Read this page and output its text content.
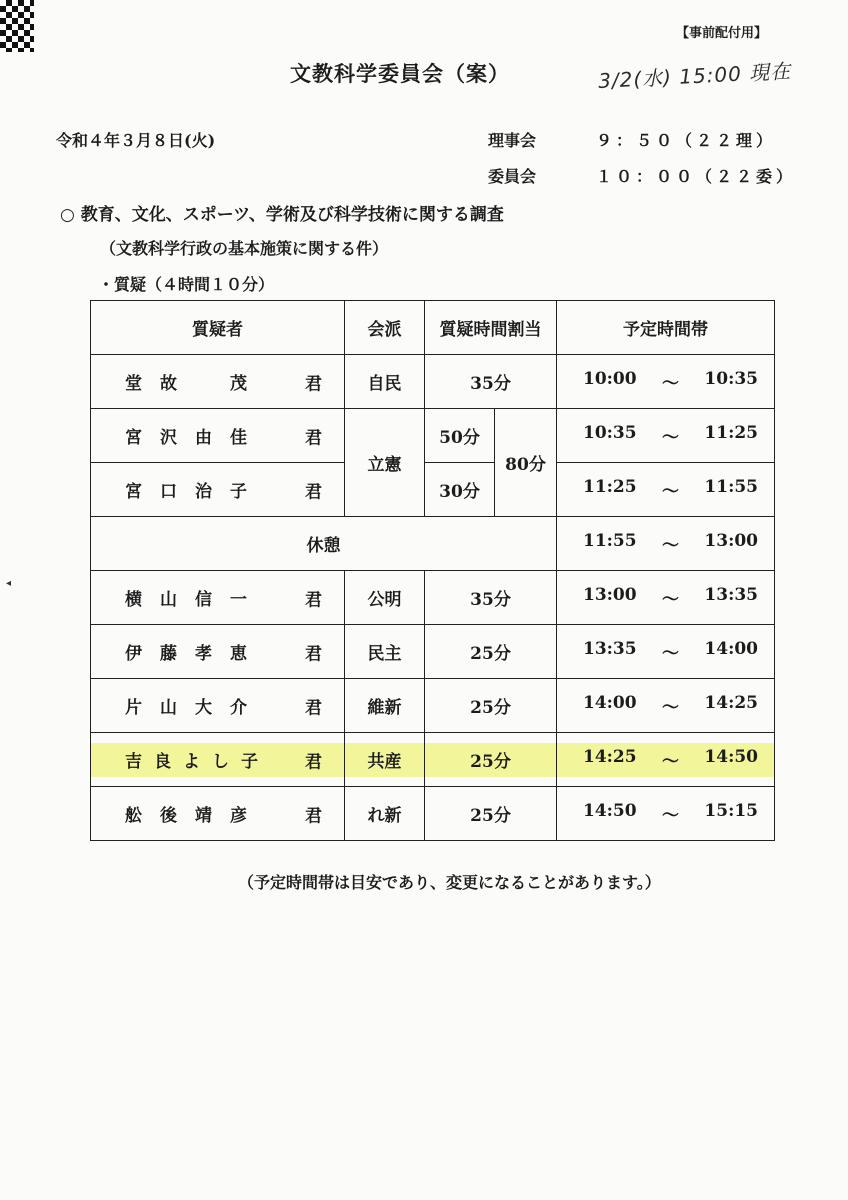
【事前配付用】
文教科学委員会（案）	3/2(水) 15:00 現在
令和４年３月８日(火)	理事会	９：５０（２２理）
委員会	１０：００（２２委）
○ 教育、文化、スポーツ、学術及び科学技術に関する調査
（文教科学行政の基本施策に関する件）
・質疑（４時間１０分）
◂
質疑者	会派	質疑時間割当		予定時間帯

堂故　茂 君	自民	35分		10:00 ～ 10:35

宮沢由佳 君	立憲	50分	80分	10:35 ～ 11:25

宮口治子 君		30分		11:25 ～ 11:55

休憩				11:55 ～ 13:00

横山信一 君	公明	35分		13:00 ～ 13:35

伊藤孝恵 君	民主	25分		13:35 ～ 14:00

片山大介 君	維新	25分		14:00 ～ 14:25

吉良よし子 君	共産	25分		14:25 ～ 14:50

舩後靖彦 君	れ新	25分		14:50 ～ 15:15
（予定時間帯は目安であり、変更になることがあります。）
